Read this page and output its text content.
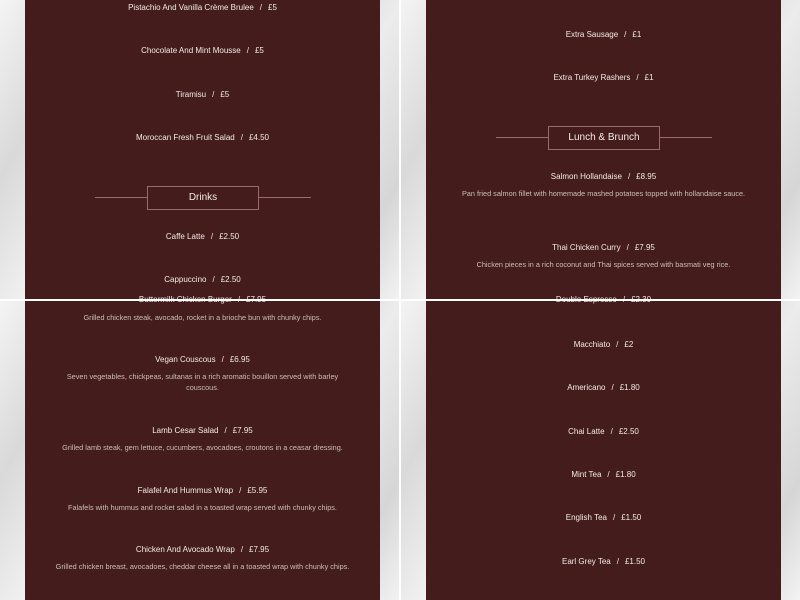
Pistachio And Vanilla Crème Brulee / £5
Chocolate And Mint Mousse / £5
Tiramisu / £5
Moroccan Fresh Fruit Salad / £4.50
Drinks
Caffe Latte / £2.50
Cappuccino / £2.50
Extra Sausage / £1
Extra Turkey Rashers / £1
Lunch & Brunch
Salmon Hollandaise / £8.95
Pan fried salmon fillet with homemade mashed potatoes topped with hollandaise sauce.
Thai Chicken Curry / £7.95
Chicken pieces in a rich coconut and Thai spices served with basmati veg rice.
Grilled chicken steak, avocado, rocket in a brioche bun with chunky chips.
Vegan Couscous / £6.95
Seven vegetables, chickpeas, sultanas in a rich aromatic bouillon served with barley couscous.
Lamb Cesar Salad / £7.95
Grilled lamb steak, gem lettuce, cucumbers, avocadoes, croutons in a ceasar dressing.
Falafel And Hummus Wrap / £5.95
Falafels with hummus and rocket salad in a toasted wrap served with chunky chips.
Chicken And Avocado Wrap / £7.95
Grilled chicken breast, avocadoes, cheddar cheese all in a toasted wrap with chunky chips.
Macchiato / £2
Americano / £1.80
Chai Latte / £2.50
Mint Tea / £1.80
English Tea / £1.50
Earl Grey Tea / £1.50
